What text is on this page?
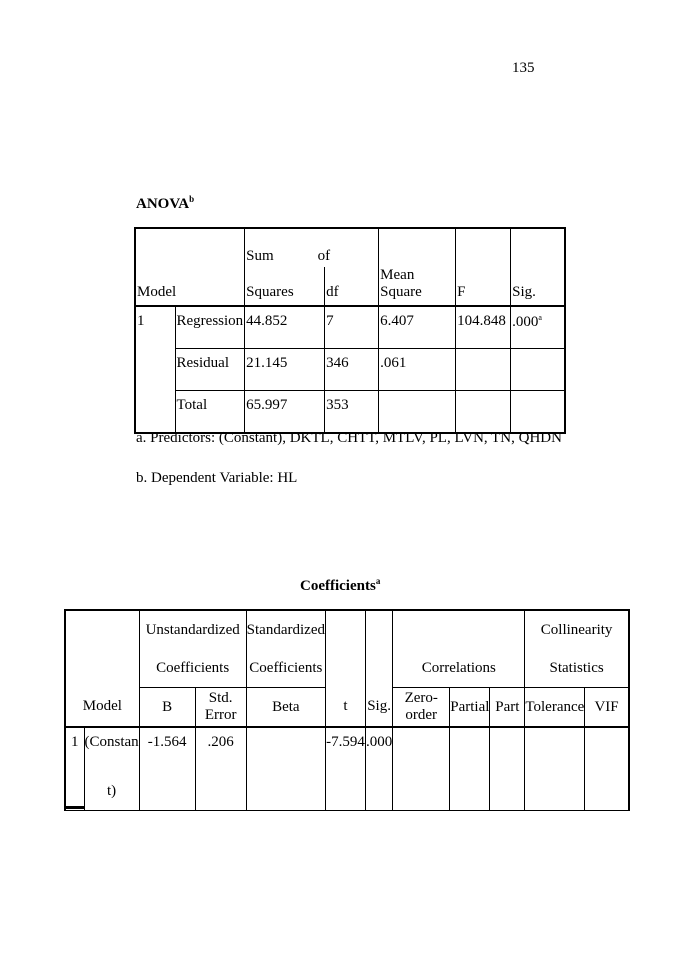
135
ANOVA$^b$

		Sum of				

Model		Squares	df	Mean Square	F	Sig.
1	Regression	44.852	7	6.407	104.848	.000$^a$
	Residual	21.145	346	.061		
	Total	65.997	353			
a. Predictors: (Constant), DKTL, CHTT, MTLV, PL, LVN, TN, QHDN
b. Dependent Variable: HL
Coefficients$^a$
		Unstandardized		Standardized						Collinearity	
		Coefficients		Coefficients			Correlations			Statistics	
Model		B	Std. Error	Beta	t	Sig.	Zero-order	Partial	Part	Tolerance	VIF
1	(Constan	-1.564	.206		-7.594	.000					
	t)										
